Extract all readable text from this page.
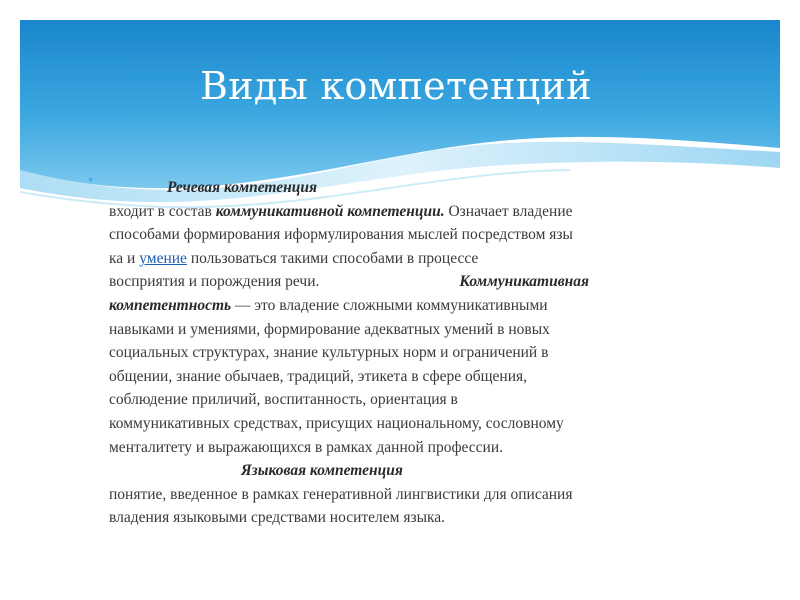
Виды компетенций
*	Речевая компетенция
входит в состав коммуникативной компетенции. Означает владение
способами формирования иформулирования мыслей посредством язы
ка и умение пользоваться такими способами в процессе
восприятия и порождения речи.	Коммуникативная
компетентность — это владение сложными коммуникативными
навыками и умениями, формирование адекватных умений в новых
социальных структурах, знание культурных норм и ограничений в
общении, знание обычаев, традиций, этикета в сфере общения,
соблюдение приличий, воспитанность, ориентация в
коммуникативных средствах, присущих национальному, сословному
менталитету и выражающихся в рамках данной профессии.
Языковая компетенция
понятие, введенное в рамках генеративной лингвистики для описания
владения языковыми средствами носителем языка.
